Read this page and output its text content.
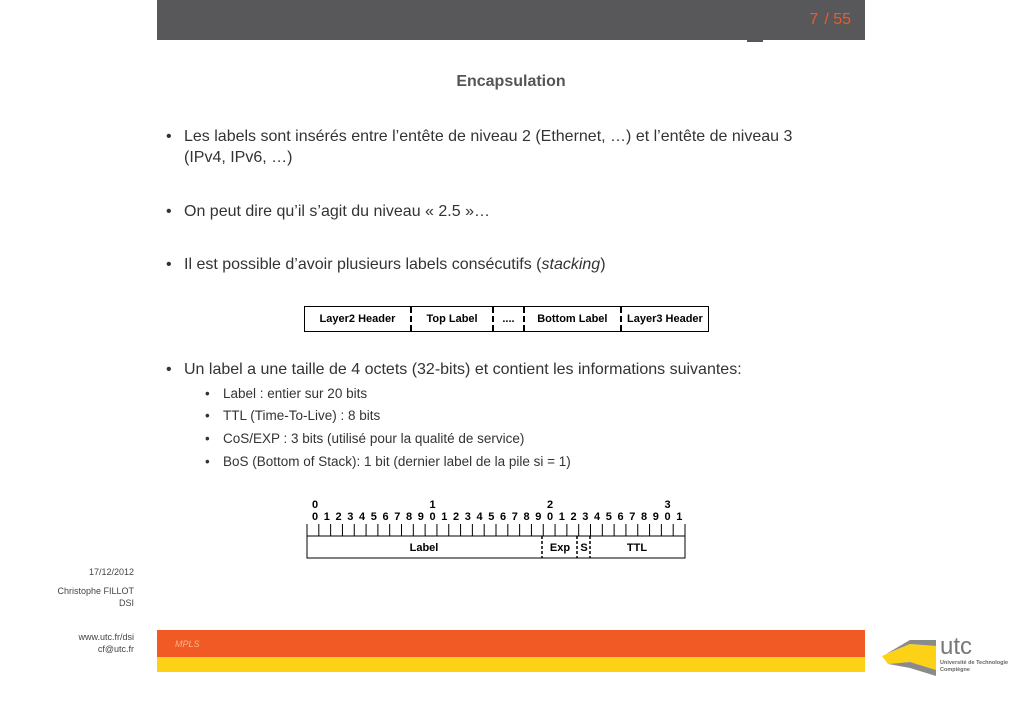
7 / 55
Encapsulation
• Les labels sont insérés entre l’entête de niveau 2 (Ethernet, …) et l’entête de niveau 3 (IPv4, IPv6, …)
• On peut dire qu’il s’agit du niveau « 2.5 »…
• Il est possible d’avoir plusieurs labels consécutifs (stacking)
Layer2 Header	Top Label	....	Bottom Label	Layer3 Header
• Un label a une taille de 4 octets (32-bits) et contient les informations suivantes:
• Label : entier sur 20 bits
• TTL (Time-To-Live) : 8 bits
• CoS/EXP : 3 bits (utilisé pour la qualité de service)
• BoS (Bottom of Stack): 1 bit (dernier label de la pile si = 1)
0	1	2	3
0 1 2 3 4 5 6 7 8 9 0 1 2 3 4 5 6 7 8 9 0 1 2 3 4 5 6 7 8 9 0 1
Label	Exp S	TTL
17/12/2012
Christophe FILLOT
DSI
www.utc.fr/dsi
cf@utc.fr	MPLS	utc
Université de Technologie
Compiègne
